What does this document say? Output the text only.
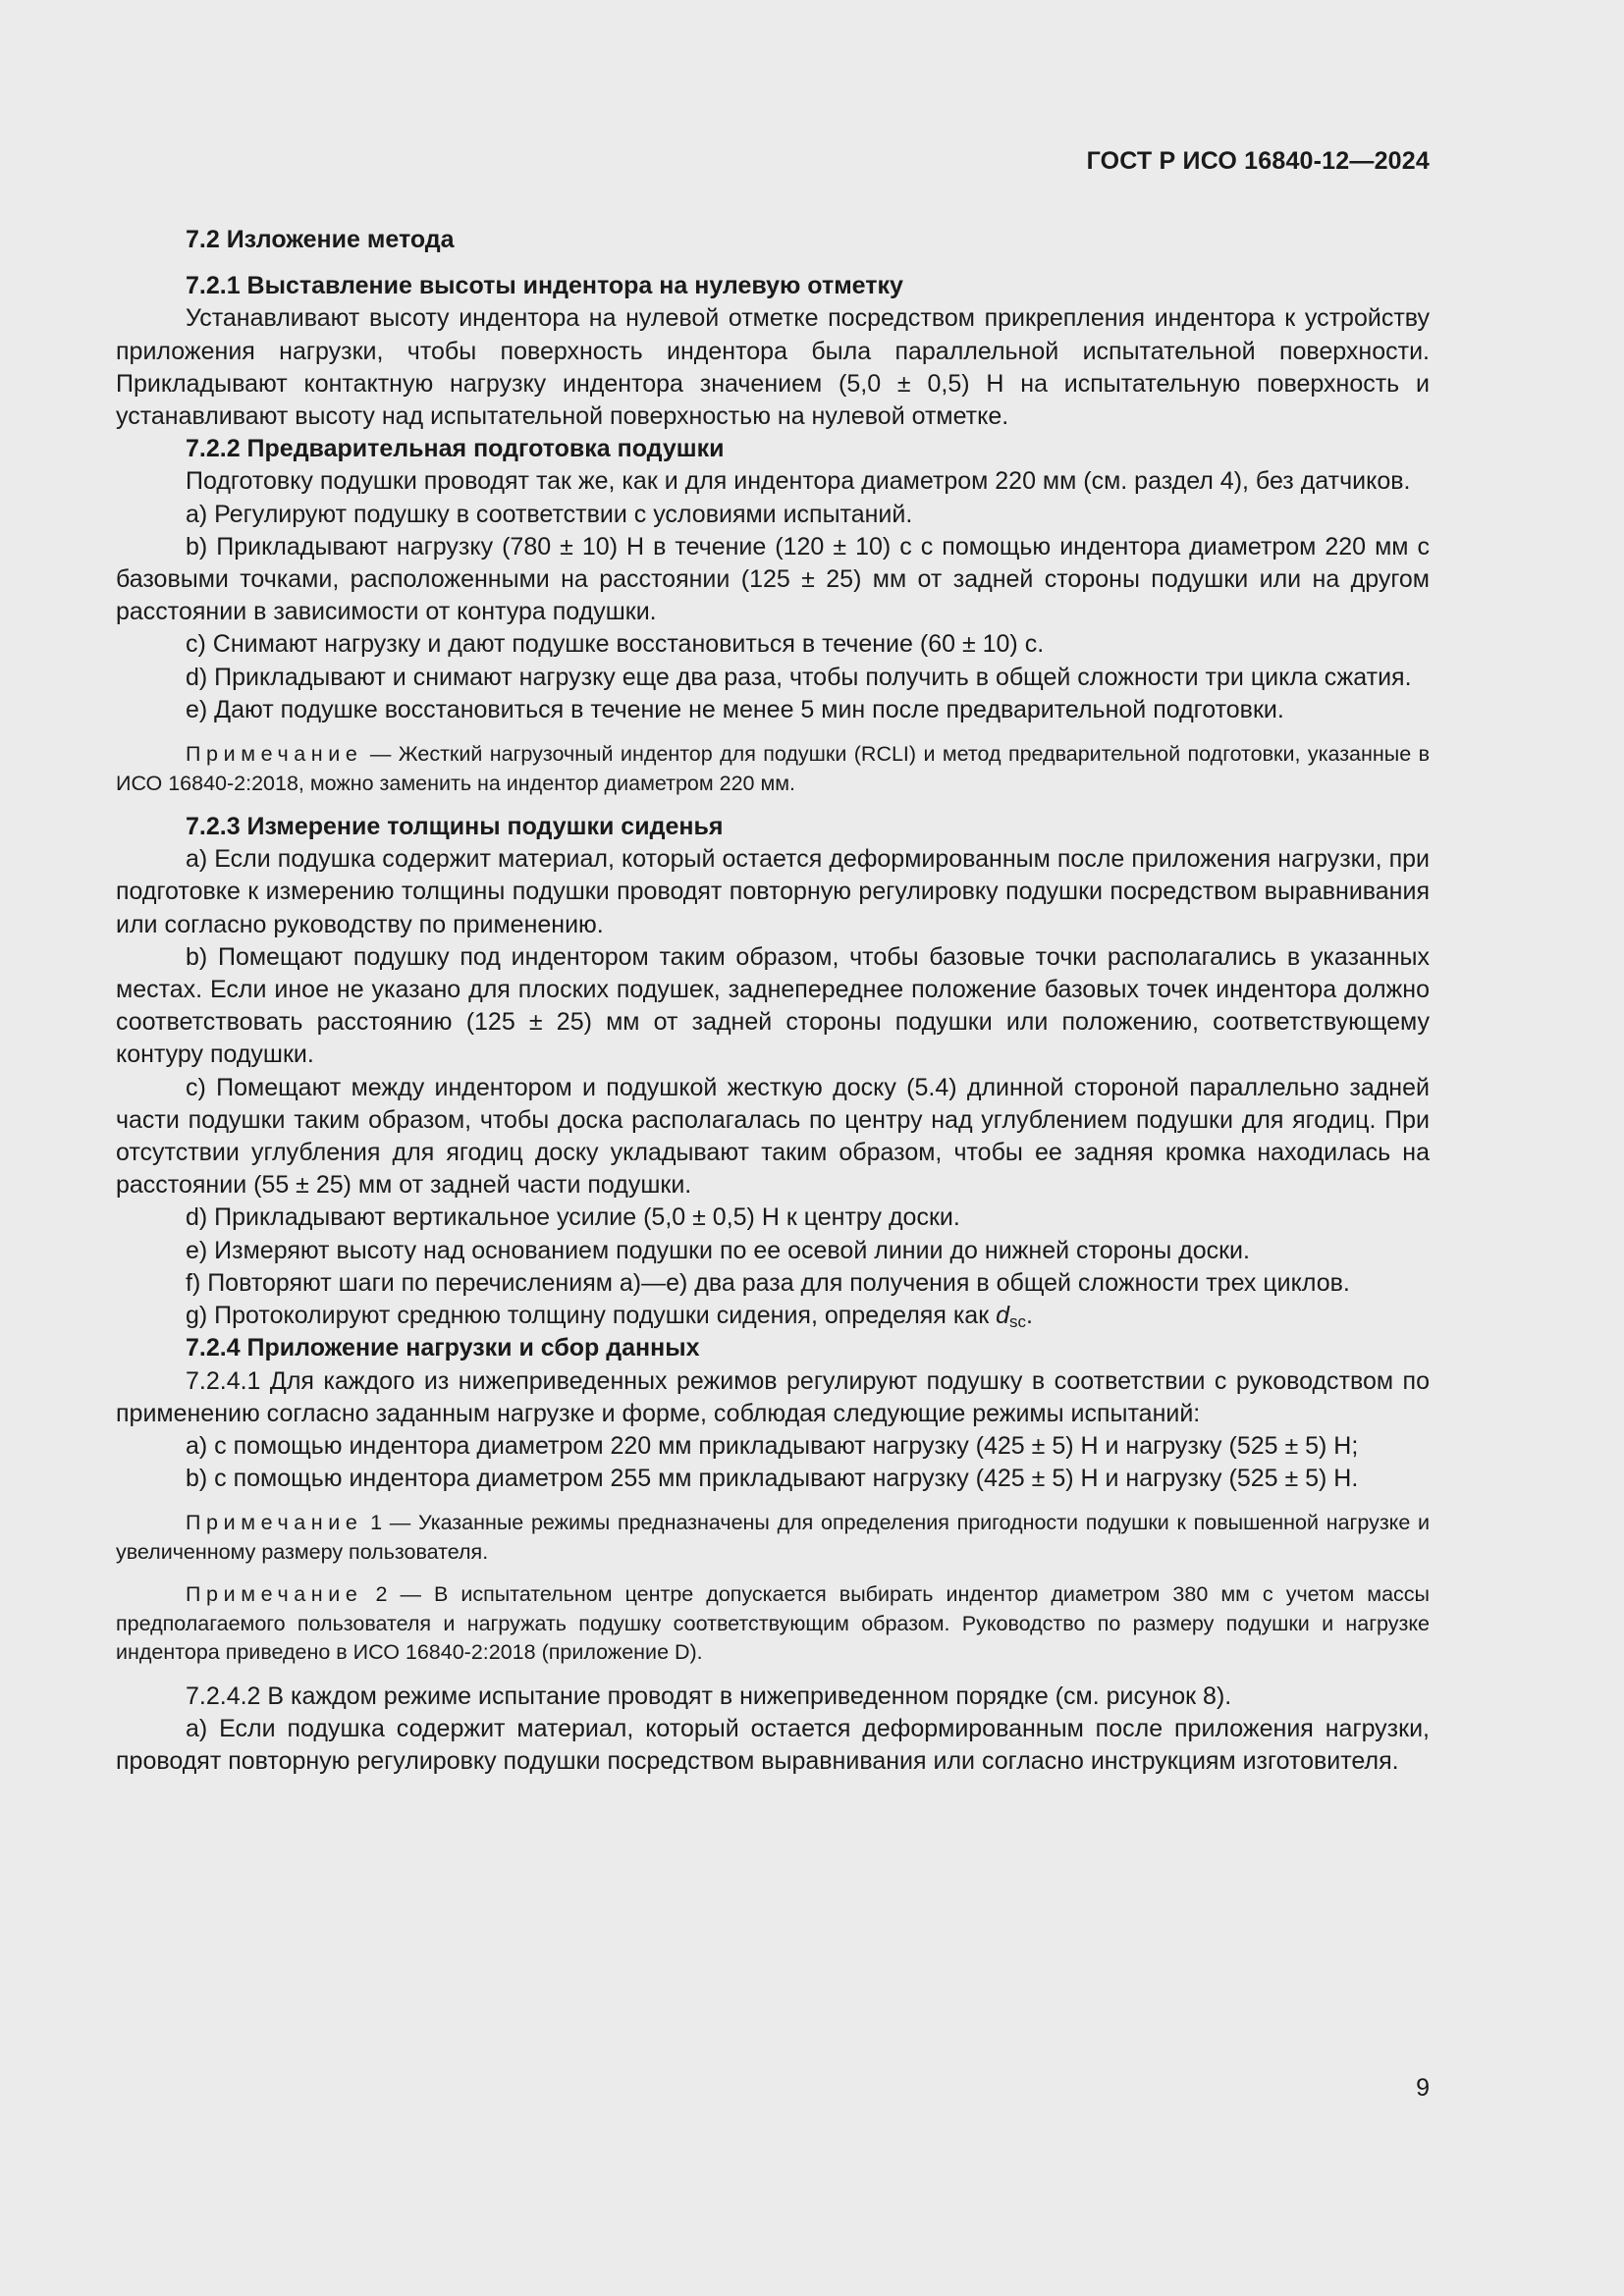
ГОСТ Р ИСО 16840-12—2024

7.2 Изложение метода

7.2.1 Выставление высоты индентора на нулевую отметку

Устанавливают высоту индентора на нулевой отметке посредством прикрепления индентора к устройству приложения нагрузки, чтобы поверхность индентора была параллельной испытательной поверхности. Прикладывают контактную нагрузку индентора значением (5,0 ± 0,5) Н на испытательную поверхность и устанавливают высоту над испытательной поверхностью на нулевой отметке.

7.2.2 Предварительная подготовка подушки

Подготовку подушки проводят так же, как и для индентора диаметром 220 мм (см. раздел 4), без датчиков.

a) Регулируют подушку в соответствии с условиями испытаний.

b) Прикладывают нагрузку (780 ± 10) Н в течение (120 ± 10) с с помощью индентора диаметром 220 мм с базовыми точками, расположенными на расстоянии (125 ± 25) мм от задней стороны подушки или на другом расстоянии в зависимости от контура подушки.

c) Снимают нагрузку и дают подушке восстановиться в течение (60 ± 10) с.

d) Прикладывают и снимают нагрузку еще два раза, чтобы получить в общей сложности три цикла сжатия.

e) Дают подушке восстановиться в течение не менее 5 мин после предварительной подготовки.

Примечание — Жесткий нагрузочный индентор для подушки (RCLI) и метод предварительной подготовки, указанные в ИСО 16840-2:2018, можно заменить на индентор диаметром 220 мм.

7.2.3 Измерение толщины подушки сиденья

a) Если подушка содержит материал, который остается деформированным после приложения нагрузки, при подготовке к измерению толщины подушки проводят повторную регулировку подушки посредством выравнивания или согласно руководству по применению.

b) Помещают подушку под индентором таким образом, чтобы базовые точки располагались в указанных местах. Если иное не указано для плоских подушек, заднепереднее положение базовых точек индентора должно соответствовать расстоянию (125 ± 25) мм от задней стороны подушки или положению, соответствующему контуру подушки.

c) Помещают между индентором и подушкой жесткую доску (5.4) длинной стороной параллельно задней части подушки таким образом, чтобы доска располагалась по центру над углублением подушки для ягодиц. При отсутствии углубления для ягодиц доску укладывают таким образом, чтобы ее задняя кромка находилась на расстоянии (55 ± 25) мм от задней части подушки.

d) Прикладывают вертикальное усилие (5,0 ± 0,5) Н к центру доски.

e) Измеряют высоту над основанием подушки по ее осевой линии до нижней стороны доски.

f) Повторяют шаги по перечислениям а)—е) два раза для получения в общей сложности трех циклов.

g) Протоколируют среднюю толщину подушки сидения, определяя как $d_{sc}$.

7.2.4 Приложение нагрузки и сбор данных

7.2.4.1 Для каждого из нижеприведенных режимов регулируют подушку в соответствии с руководством по применению согласно заданным нагрузке и форме, соблюдая следующие режимы испытаний:

а) с помощью индентора диаметром 220 мм прикладывают нагрузку (425 ± 5) Н и нагрузку (525 ± 5) Н;

b) с помощью индентора диаметром 255 мм прикладывают нагрузку (425 ± 5) Н и нагрузку (525 ± 5) Н.

Примечание 1 — Указанные режимы предназначены для определения пригодности подушки к повышенной нагрузке и увеличенному размеру пользователя.

Примечание 2 — В испытательном центре допускается выбирать индентор диаметром 380 мм с учетом массы предполагаемого пользователя и нагружать подушку соответствующим образом. Руководство по размеру подушки и нагрузке индентора приведено в ИСО 16840-2:2018 (приложение D).

7.2.4.2 В каждом режиме испытание проводят в нижеприведенном порядке (см. рисунок 8).

а) Если подушка содержит материал, который остается деформированным после приложения нагрузки, проводят повторную регулировку подушки посредством выравнивания или согласно инструкциям изготовителя.

9
